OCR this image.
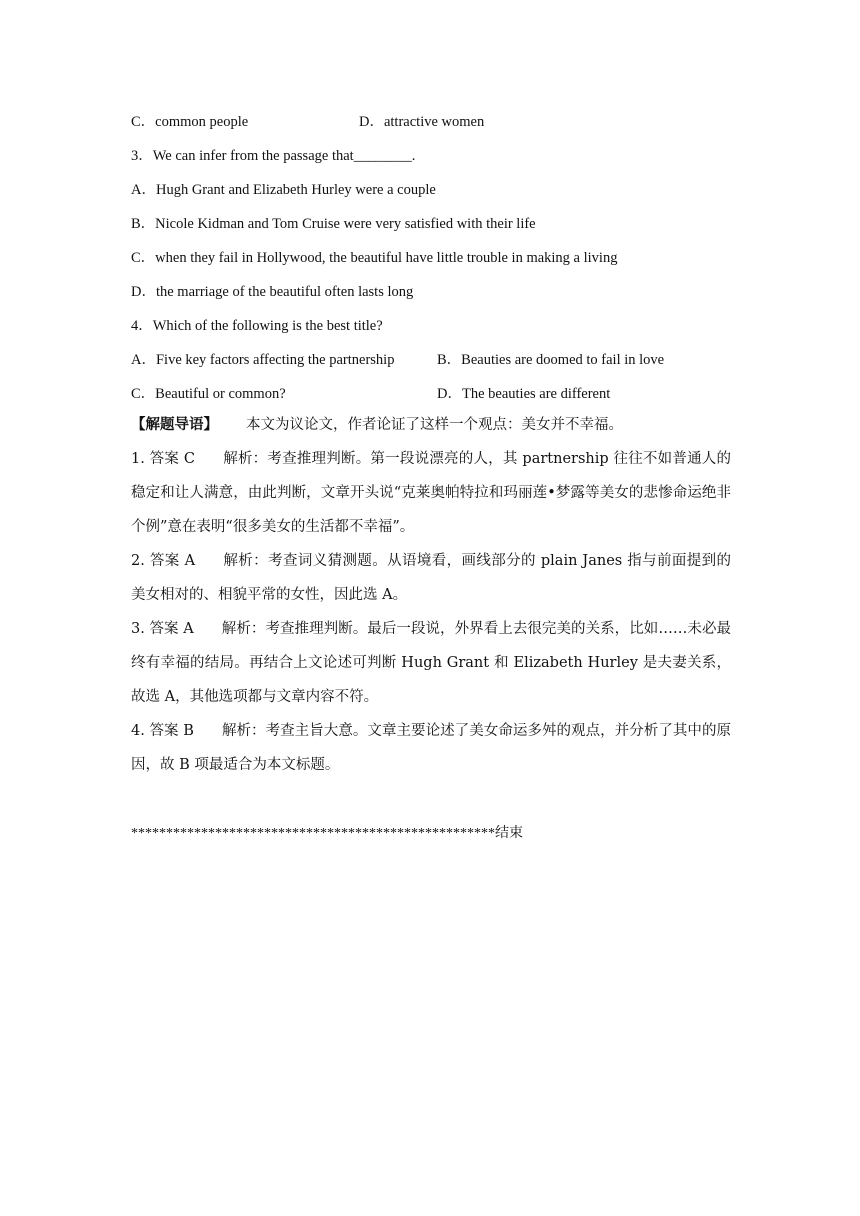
C．common people	D．attractive women
3．We can infer from the passage that________.
A．Hugh Grant and Elizabeth Hurley were a couple
B．Nicole Kidman and Tom Cruise were very satisfied with their life
C．when they fail in Hollywood, the beautiful have little trouble in making a living
D．the marriage of the beautiful often lasts long
4．Which of the following is the best title?
A．Five key factors affecting the partnership	B．Beauties are doomed to fail in love
C．Beautiful or common?	D．The beauties are different
【解题导语】 本文为议论文，作者论证了这样一个观点：美女并不幸福。
1. 答案 C 解析：考查推理判断。第一段说漂亮的人，其 partnership 往往不如普通人的稳定和让人满意，由此判断，文章开头说“克莱奥帕特拉和玛丽莲•梦露等美女的悲惨命运绝非个例”意在表明“很多美女的生活都不幸福”。
2. 答案 A 解析：考查词义猜测题。从语境看，画线部分的 plain Janes 指与前面提到的美女相对的、相貌平常的女性，因此选 A。
3. 答案 A 解析：考查推理判断。最后一段说，外界看上去很完美的关系，比如……未必最终有幸福的结局。再结合上文论述可判断 Hugh Grant 和 Elizabeth Hurley 是夫妻关系，故选 A，其他选项都与文章内容不符。
4. 答案 B 解析：考查主旨大意。文章主要论述了美女命运多舛的观点，并分析了其中的原因，故 B 项最适合为本文标题。
****************************************************结束
